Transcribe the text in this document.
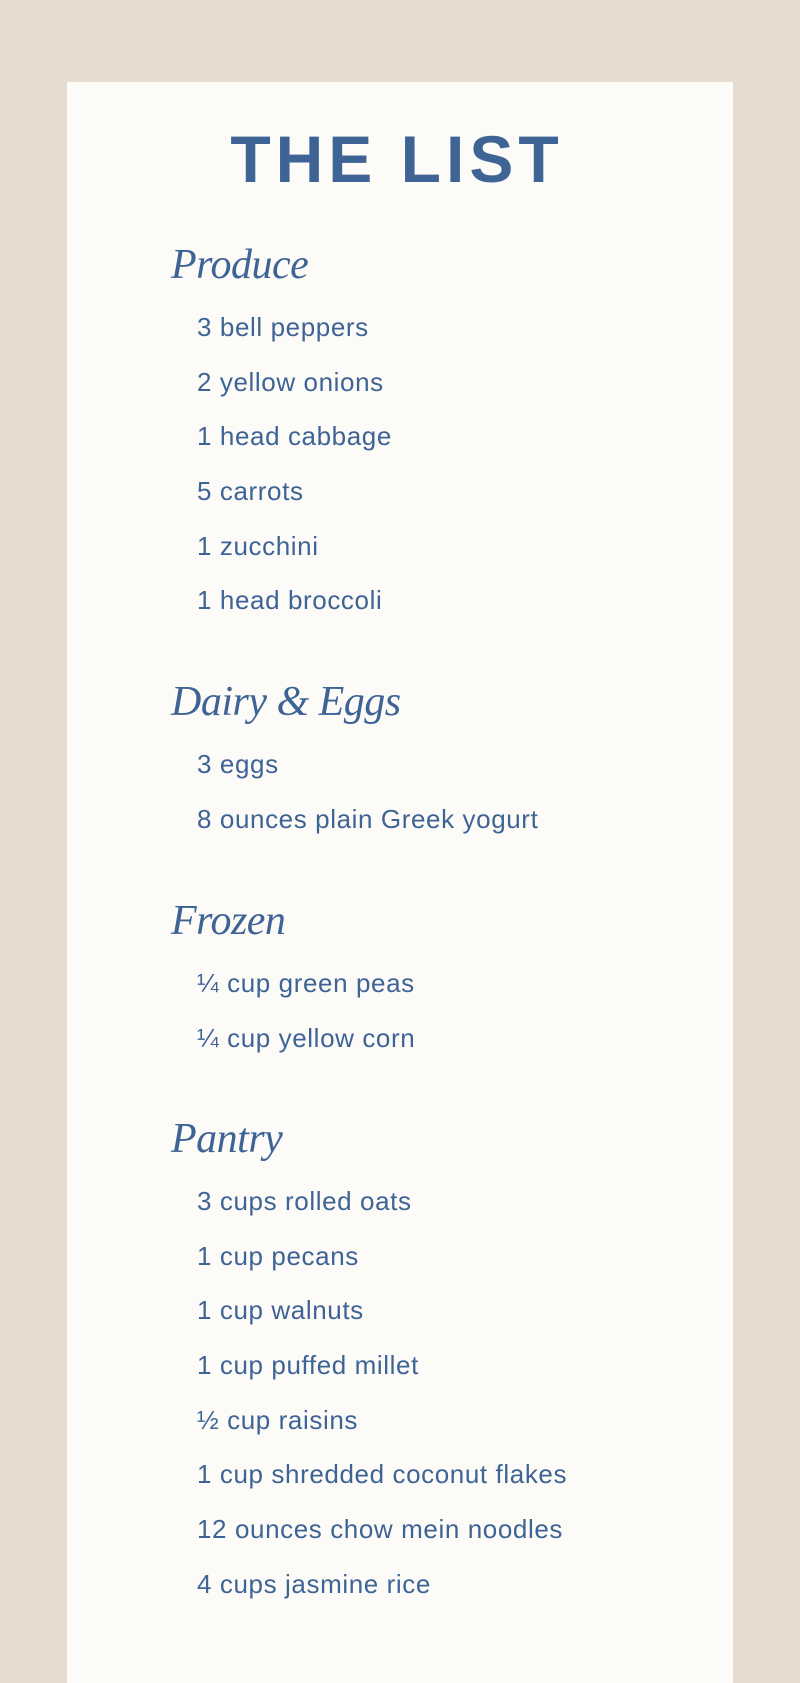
THE LIST
Produce
3 bell peppers
2 yellow onions
1 head cabbage
5 carrots
1 zucchini
1 head broccoli
Dairy & Eggs
3 eggs
8 ounces plain Greek yogurt
Frozen
¼ cup green peas
¼ cup yellow corn
Pantry
3 cups rolled oats
1 cup pecans
1 cup walnuts
1 cup puffed millet
½ cup raisins
1 cup shredded coconut flakes
12 ounces chow mein noodles
4 cups jasmine rice
